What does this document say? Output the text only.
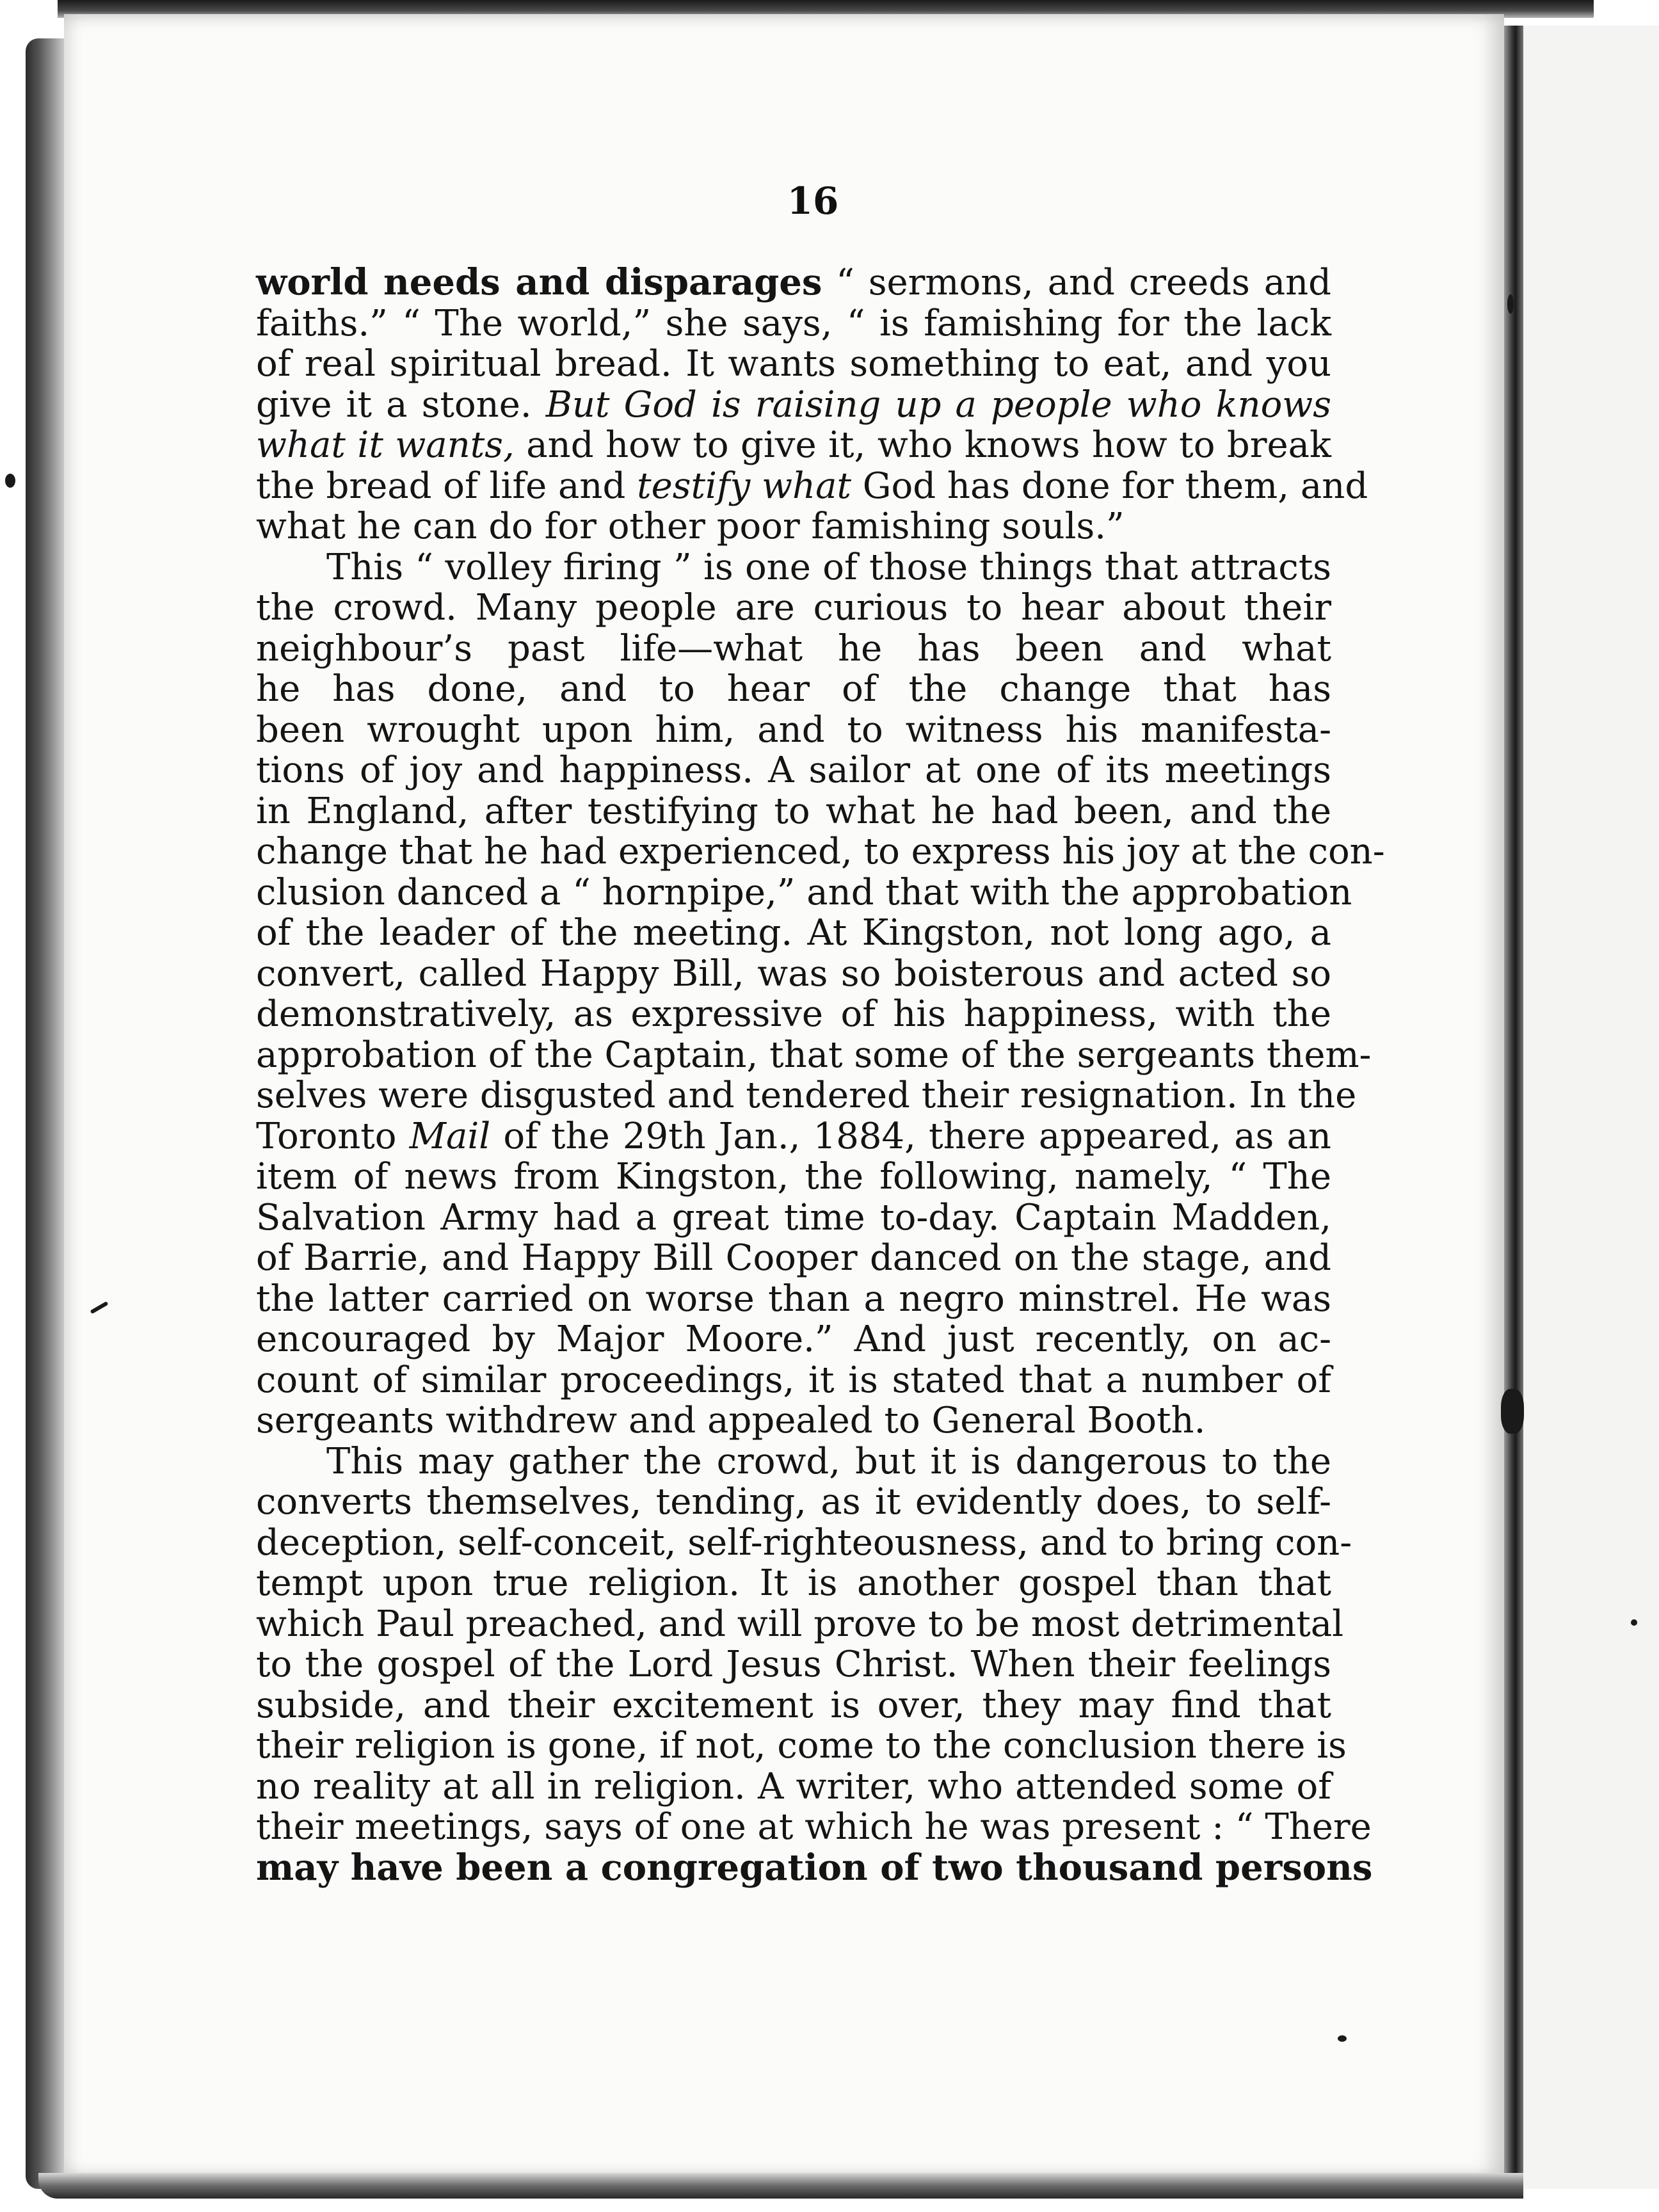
16
world needs and disparages “ sermons, and creeds and
faiths.” “ The world,” she says, “ is famishing for the lack
of real spiritual bread. It wants something to eat, and you
give it a stone. But God is raising up a people who knows
what it wants, and how to give it, who knows how to break
the bread of life and testify what God has done for them, and
what he can do for other poor famishing souls.”
This “ volley firing ” is one of those things that attracts
the crowd. Many people are curious to hear about their
neighbour’s past life—what he has been and what
he has done, and to hear of the change that has
been wrought upon him, and to witness his manifesta-
tions of joy and happiness. A sailor at one of its meetings
in England, after testifying to what he had been, and the
change that he had experienced, to express his joy at the con-
clusion danced a “ hornpipe,” and that with the approbation
of the leader of the meeting. At Kingston, not long ago, a
convert, called Happy Bill, was so boisterous and acted so
demonstratively, as expressive of his happiness, with the
approbation of the Captain, that some of the sergeants them-
selves were disgusted and tendered their resignation. In the
Toronto Mail of the 29th Jan., 1884, there appeared, as an
item of news from Kingston, the following, namely, “ The
Salvation Army had a great time to-day. Captain Madden,
of Barrie, and Happy Bill Cooper danced on the stage, and
the latter carried on worse than a negro minstrel. He was
encouraged by Major Moore.” And just recently, on ac-
count of similar proceedings, it is stated that a number of
sergeants withdrew and appealed to General Booth.
This may gather the crowd, but it is dangerous to the
converts themselves, tending, as it evidently does, to self-
deception, self-conceit, self-righteousness, and to bring con-
tempt upon true religion. It is another gospel than that
which Paul preached, and will prove to be most detrimental
to the gospel of the Lord Jesus Christ. When their feelings
subside, and their excitement is over, they may find that
their religion is gone, if not, come to the conclusion there is
no reality at all in religion. A writer, who attended some of
their meetings, says of one at which he was present : “ There
may have been a congregation of two thousand persons
